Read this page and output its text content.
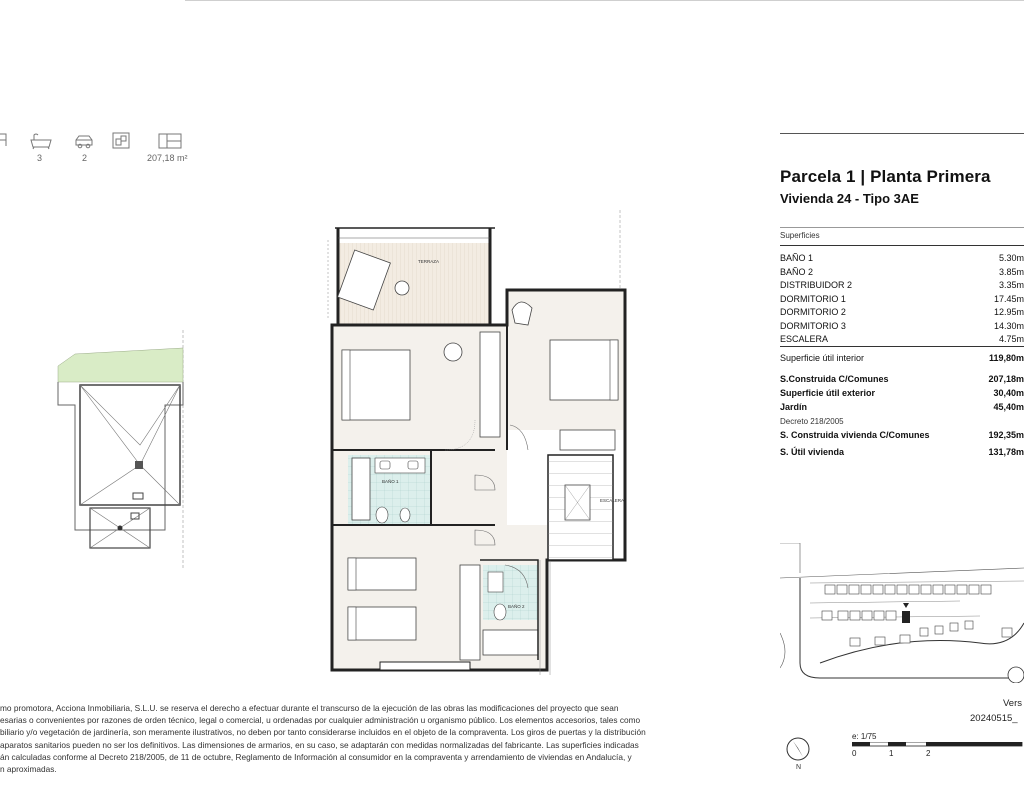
3	2	207,18 m²
TERRAZA
BAÑO 1
ESCALERA
BAÑO 2
Parcela 1 | Planta Primera
Vivienda 24 - Tipo 3AE
Superficies
BAÑO 1	5.30m
BAÑO 2	3.85m
DISTRIBUIDOR 2	3.35m
DORMITORIO 1	17.45m
DORMITORIO 2	12.95m
DORMITORIO 3	14.30m
ESCALERA	4.75m
Superficie útil interior	119,80m
S.Construida C/Comunes	207,18m
Superficie útil exterior	30,40m
Jardín	45,40m
Decreto 218/2005
S. Construida vivienda C/Comunes	192,35m
S. Útil vivienda	131,78m
Vers
20240515_
e: 1/75
0	1	2
N

mo promotora, Acciona Inmobiliaria, S.L.U. se reserva el derecho a efectuar durante el transcurso de la ejecución de las obras las modificaciones del proyecto que sean

esarias o convenientes por razones de orden técnico, legal o comercial, u ordenadas por cualquier administración u organismo público. Los elementos accesorios, tales como

biliario y/o vegetación de jardinería, son meramente ilustrativos, no deben por tanto considerarse incluidos en el objeto de la compraventa. Los giros de puertas y la distribución

aparatos sanitarios pueden no ser los definitivos. Las dimensiones de armarios, en su caso, se adaptarán con medidas normalizadas del fabricante. Las superficies indicadas

án calculadas conforme al Decreto 218/2005, de 11 de octubre, Reglamento de Información al consumidor en la compraventa y arrendamiento de viviendas en Andalucía, y

n aproximadas.
